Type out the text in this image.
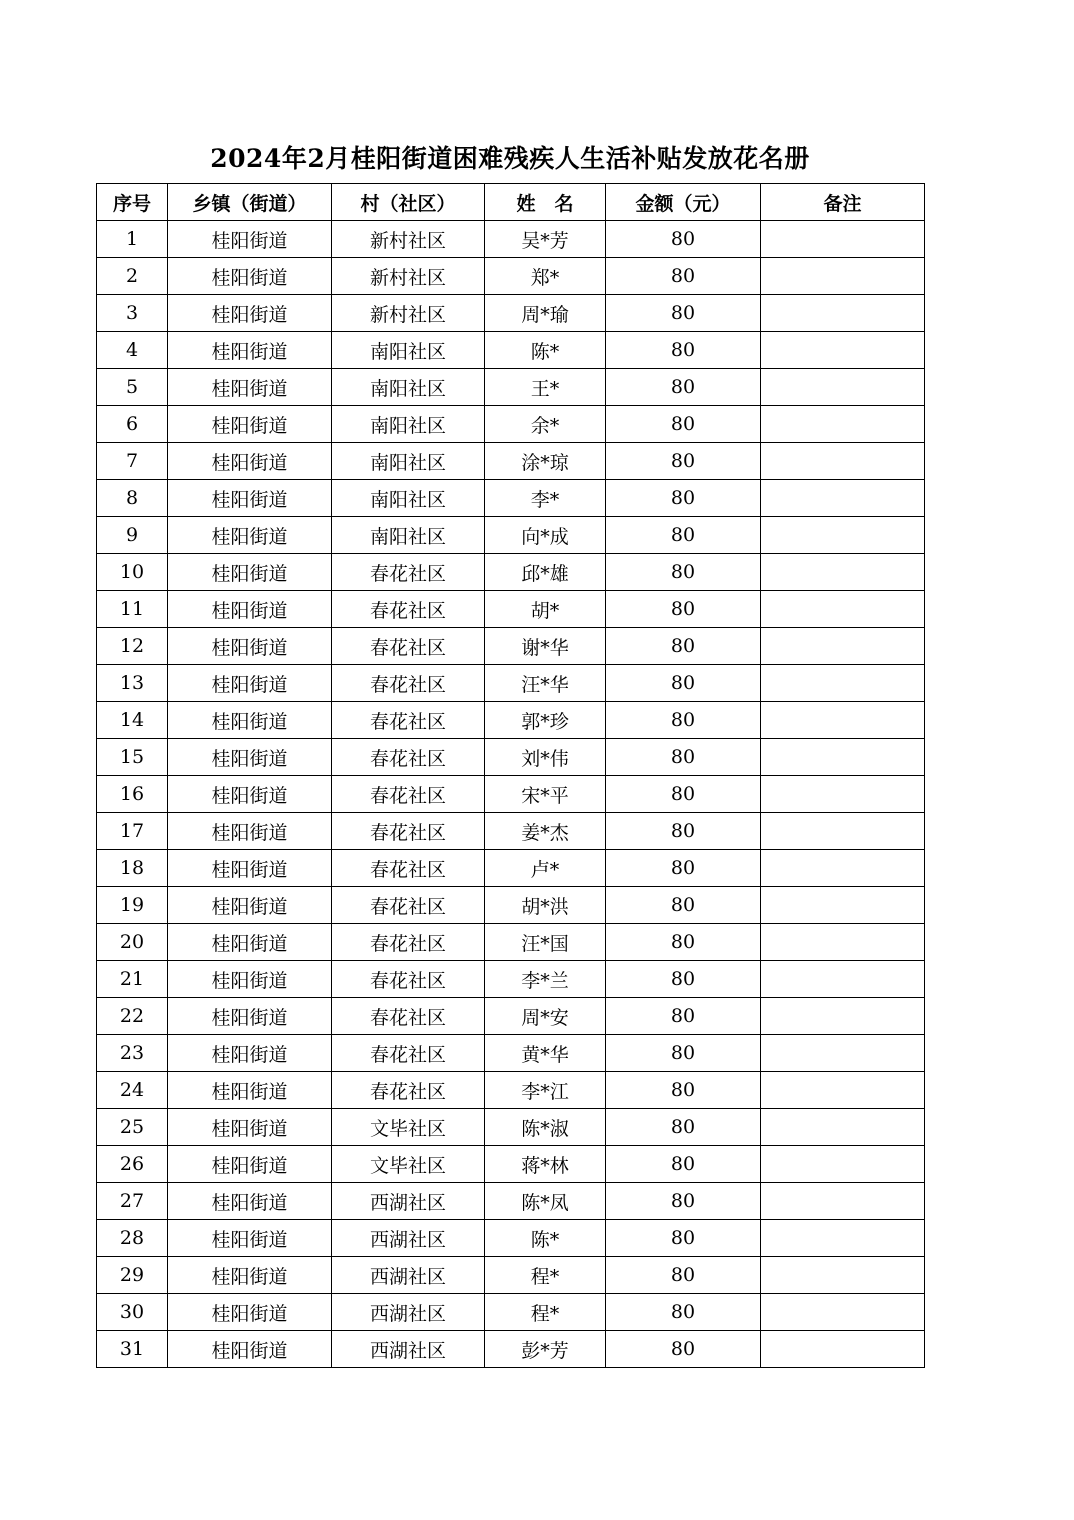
2024年2月桂阳街道困难残疾人生活补贴发放花名册
序号	乡镇（街道）	村（社区）	姓　名	金额（元）	备注
1	桂阳街道	新村社区	吴*芳	80	
2	桂阳街道	新村社区	郑*	80	
3	桂阳街道	新村社区	周*瑜	80	
4	桂阳街道	南阳社区	陈*	80	
5	桂阳街道	南阳社区	王*	80	
6	桂阳街道	南阳社区	余*	80	
7	桂阳街道	南阳社区	涂*琼	80	
8	桂阳街道	南阳社区	李*	80	
9	桂阳街道	南阳社区	向*成	80	
10	桂阳街道	春花社区	邱*雄	80	
11	桂阳街道	春花社区	胡*	80	
12	桂阳街道	春花社区	谢*华	80	
13	桂阳街道	春花社区	汪*华	80	
14	桂阳街道	春花社区	郭*珍	80	
15	桂阳街道	春花社区	刘*伟	80	
16	桂阳街道	春花社区	宋*平	80	
17	桂阳街道	春花社区	姜*杰	80	
18	桂阳街道	春花社区	卢*	80	
19	桂阳街道	春花社区	胡*洪	80	
20	桂阳街道	春花社区	汪*国	80	
21	桂阳街道	春花社区	李*兰	80	
22	桂阳街道	春花社区	周*安	80	
23	桂阳街道	春花社区	黄*华	80	
24	桂阳街道	春花社区	李*江	80	
25	桂阳街道	文毕社区	陈*淑	80	
26	桂阳街道	文毕社区	蒋*林	80	
27	桂阳街道	西湖社区	陈*凤	80	
28	桂阳街道	西湖社区	陈*	80	
29	桂阳街道	西湖社区	程*	80	
30	桂阳街道	西湖社区	程*	80	
31	桂阳街道	西湖社区	彭*芳	80	
